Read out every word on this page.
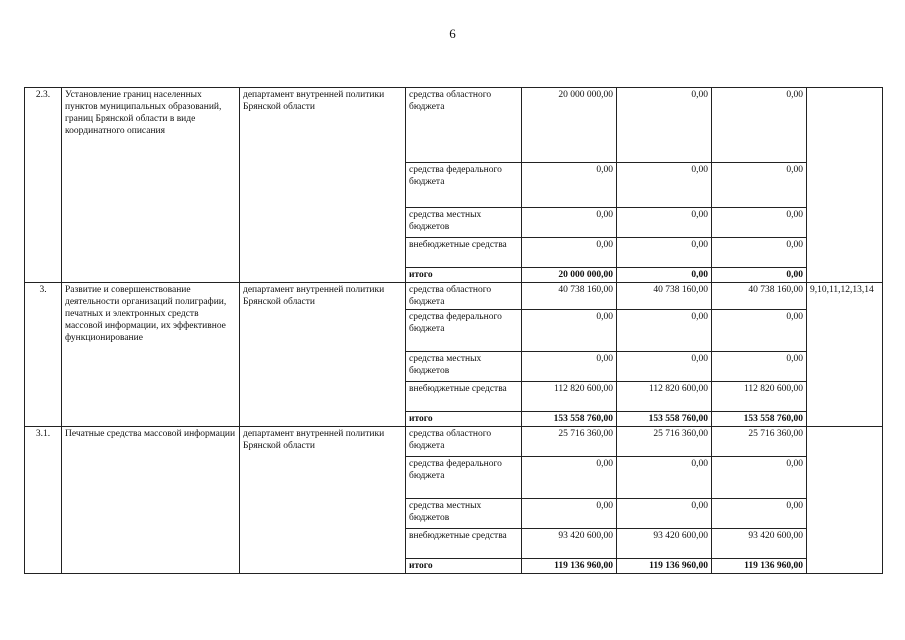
6
2.3.	Установление границ населенных пунктов муниципальных образований, границ Брянской области в виде координатного описания	департамент внутренней политики Брянской области	средства областного бюджета	20 000 000,00	0,00	0,00	
			средства федерального бюджета	0,00	0,00	0,00	
			средства местных бюджетов	0,00	0,00	0,00	
			внебюджетные средства	0,00	0,00	0,00	
			итого	20 000 000,00	0,00	0,00	
3.	Развитие и совершенствование деятельности организаций полиграфии, печатных и электронных средств массовой информации, их эффективное функционирование	департамент внутренней политики Брянской области	средства областного бюджета	40 738 160,00	40 738 160,00	40 738 160,00	9,10,11,12,13,14
			средства федерального бюджета	0,00	0,00	0,00	
			средства местных бюджетов	0,00	0,00	0,00	
			внебюджетные средства	112 820 600,00	112 820 600,00	112 820 600,00	
			итого	153 558 760,00	153 558 760,00	153 558 760,00	
3.1.	Печатные средства массовой информации	департамент внутренней политики Брянской области	средства областного бюджета	25 716 360,00	25 716 360,00	25 716 360,00	
			средства федерального бюджета	0,00	0,00	0,00	
			средства местных бюджетов	0,00	0,00	0,00	
			внебюджетные средства	93 420 600,00	93 420 600,00	93 420 600,00	
			итого	119 136 960,00	119 136 960,00	119 136 960,00	
